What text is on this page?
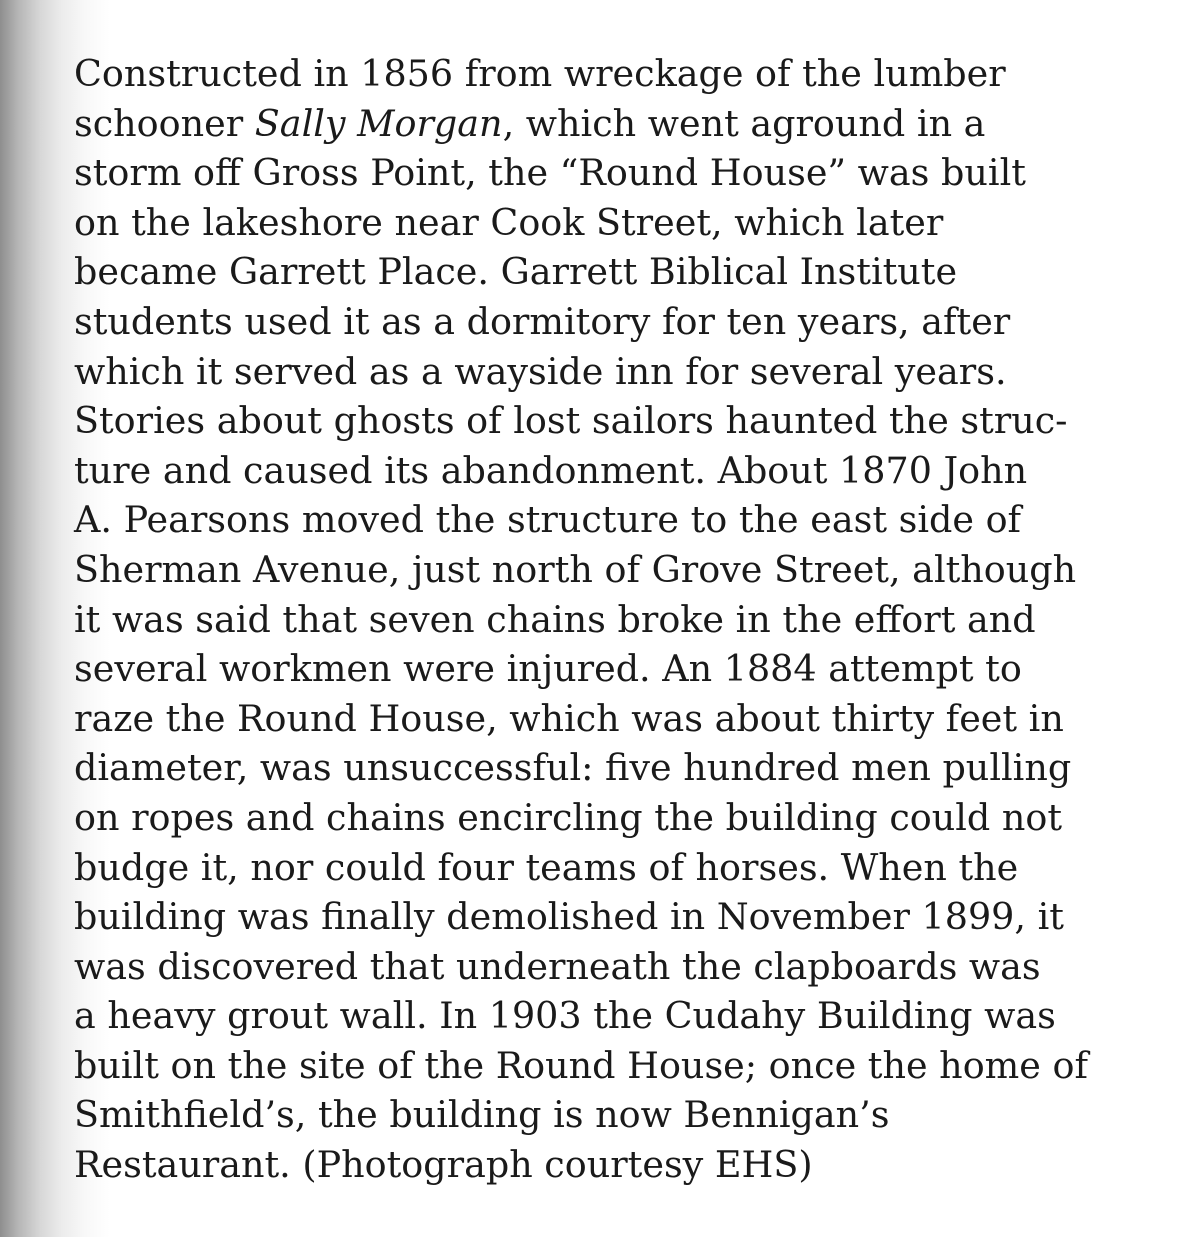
Constructed in 1856 from wreckage of the lumber
schooner Sally Morgan, which went aground in a
storm off Gross Point, the “Round House” was built
on the lakeshore near Cook Street, which later
became Garrett Place. Garrett Biblical Institute
students used it as a dormitory for ten years, after
which it served as a wayside inn for several years.
Stories about ghosts of lost sailors haunted the struc-
ture and caused its abandonment. About 1870 John
A. Pearsons moved the structure to the east side of
Sherman Avenue, just north of Grove Street, although
it was said that seven chains broke in the effort and
several workmen were injured. An 1884 attempt to
raze the Round House, which was about thirty feet in
diameter, was unsuccessful: five hundred men pulling
on ropes and chains encircling the building could not
budge it, nor could four teams of horses. When the
building was finally demolished in November 1899, it
was discovered that underneath the clapboards was
a heavy grout wall. In 1903 the Cudahy Building was
built on the site of the Round House; once the home of
Smithfield’s, the building is now Bennigan’s
Restaurant. (Photograph courtesy EHS)
